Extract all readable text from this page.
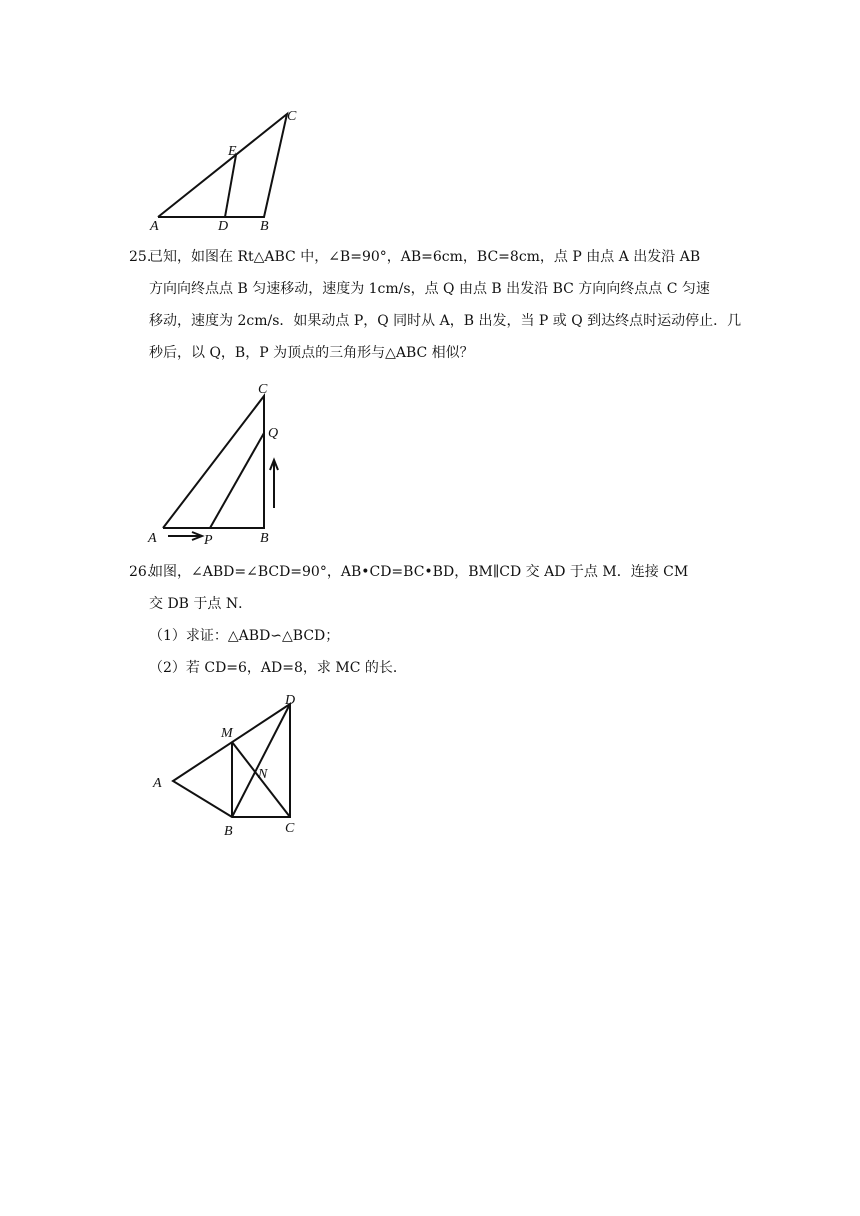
C
E
A	D B
25.已知，如图在 Rt△ABC 中，∠B=90°，AB=6cm，BC=8cm，点 P 由点 A 出发沿 AB
方向向终点点 B 匀速移动，速度为 1cm/s，点 Q 由点 B 出发沿 BC 方向向终点点 C 匀速
移动，速度为 2cm/s．如果动点 P，Q 同时从 A，B 出发，当 P 或 Q 到达终点时运动停止．几
秒后，以 Q，B，P 为顶点的三角形与△ABC 相似？
C
Q
A	P	B
26.如图，∠ABD=∠BCD=90°，AB•CD=BC•BD，BM∥CD 交 AD 于点 M．连接 CM
交 DB 于点 N．
（1）求证：△ABD∽△BCD；
（2）若 CD=6，AD=8，求 MC 的长．
D
M
N
A
B	C
